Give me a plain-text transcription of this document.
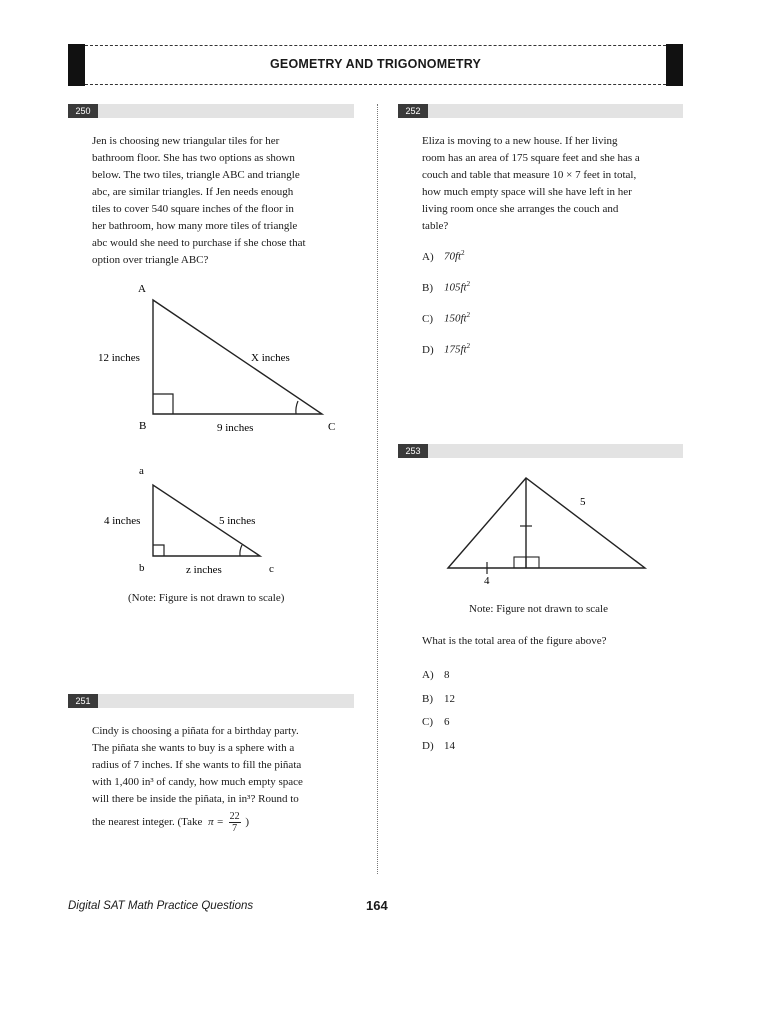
GEOMETRY AND TRIGONOMETRY
250
Jen is choosing new triangular tiles for her
bathroom floor. She has two options as shown
below. The two tiles, triangle ABC and triangle
abc, are similar triangles. If Jen needs enough
tiles to cover 540 square inches of the floor in
her bathroom, how many more tiles of triangle
abc would she need to purchase if she chose that
option over triangle ABC?
A
B	C
12 inches	X inches
9 inches
a
b	c
4 inches	5 inches
z inches
5
4
(Note: Figure is not drawn to scale)
251
Cindy is choosing a piñata for a birthday party.
The piñata she wants to buy is a sphere with a
radius of 7 inches. If she wants to fill the piñata
with 1,400 in³ of candy, how much empty space
will there be inside the piñata, in in³? Round to
the nearest integer. (Take $\pi = \frac{22}{7}$ )
252
Eliza is moving to a new house. If her living
room has an area of 175 square feet and she has a
couch and table that measure 10 × 7 feet in total,
how much empty space will she have left in her
living room once she arranges the couch and
table?
A) $70ft^2$
B) $105ft^2$
C) $150ft^2$
D) $175ft^2$
253
Note: Figure not drawn to scale
What is the total area of the figure above?
A) 8
B) 12
C) 6
D) 14
Digital SAT Math Practice Questions	164
